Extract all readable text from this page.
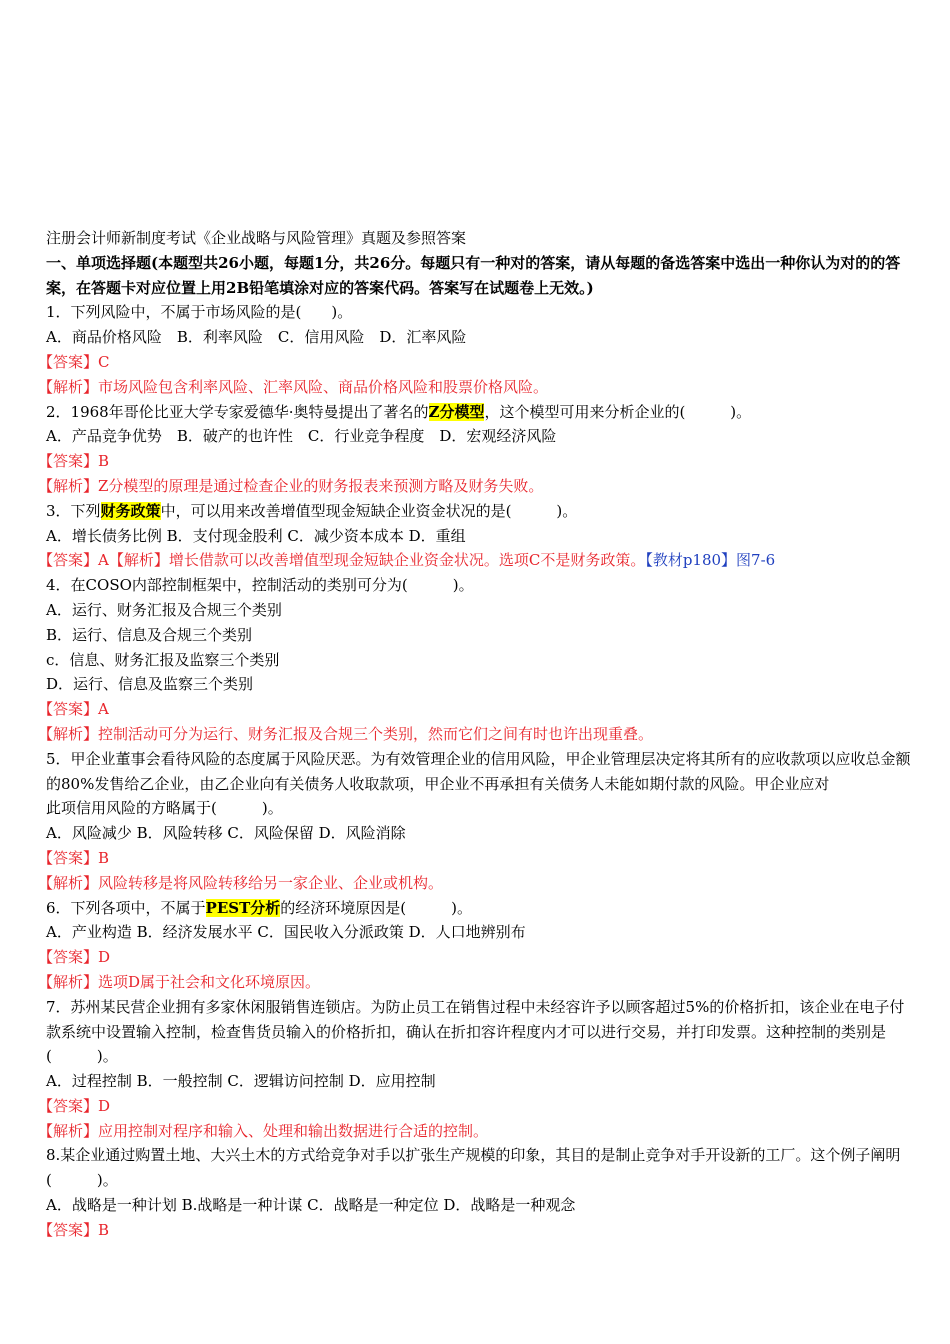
注册会计师新制度考试《企业战略与风险管理》真题及参照答案
一、单项选择题(本题型共26小题，每题1分，共26分。每题只有一种对的答案，请从每题的备选答案中选出一种你认为对的的答案，在答题卡对应位置上用2B铅笔填涂对应的答案代码。答案写在试题卷上无效。)
1．下列风险中，不属于市场风险的是(　　)。
A．商品价格风险　B．利率风险　C．信用风险　D．汇率风险
【答案】C
【解析】市场风险包含利率风险、汇率风险、商品价格风险和股票价格风险。
2．1968年哥伦比亚大学专家爱德华·奥特曼提出了著名的Z分模型，这个模型可用来分析企业的(　　　)。
A．产品竞争优势　B．破产的也许性　C．行业竞争程度　D．宏观经济风险
【答案】B
【解析】Z分模型的原理是通过检查企业的财务报表来预测方略及财务失败。
3．下列财务政策中，可以用来改善增值型现金短缺企业资金状况的是(　　　)。
A．增长债务比例 B．支付现金股利 C．减少资本成本 D．重组
【答案】A【解析】增长借款可以改善增值型现金短缺企业资金状况。选项C不是财务政策。【教材p180】图7-6
4．在COSO内部控制框架中，控制活动的类别可分为(　　　)。
A．运行、财务汇报及合规三个类别
B．运行、信息及合规三个类别
c．信息、财务汇报及监察三个类别
D．运行、信息及监察三个类别
【答案】A
【解析】控制活动可分为运行、财务汇报及合规三个类别，然而它们之间有时也许出现重叠。
5．甲企业董事会看待风险的态度属于风险厌恶。为有效管理企业的信用风险，甲企业管理层决定将其所有的应收款项以应收总金额的80%发售给乙企业，由乙企业向有关债务人收取款项，甲企业不再承担有关债务人未能如期付款的风险。甲企业应对
此项信用风险的方略属于(　　　)。
A．风险减少 B．风险转移 C．风险保留 D．风险消除
【答案】B
【解析】风险转移是将风险转移给另一家企业、企业或机构。
6．下列各项中，不属于PEST分析的经济环境原因是(　　　)。
A．产业构造 B．经济发展水平 C．国民收入分派政策 D．人口地辨别布
【答案】D
【解析】选项D属于社会和文化环境原因。
7．苏州某民营企业拥有多家休闲服销售连锁店。为防止员工在销售过程中未经容许予以顾客超过5%的价格折扣，该企业在电子付款系统中设置输入控制，检查售货员输入的价格折扣，确认在折扣容许程度内才可以进行交易，并打印发票。这种控制的类别是(　　　)。
A．过程控制 B．一般控制 C．逻辑访问控制 D．应用控制
【答案】D
【解析】应用控制对程序和输入、处理和输出数据进行合适的控制。
8.某企业通过购置土地、大兴土木的方式给竞争对手以扩张生产规模的印象，其目的是制止竞争对手开设新的工厂。这个例子阐明(　　　)。
A．战略是一种计划 B.战略是一种计谋 C．战略是一种定位 D．战略是一种观念
【答案】B
